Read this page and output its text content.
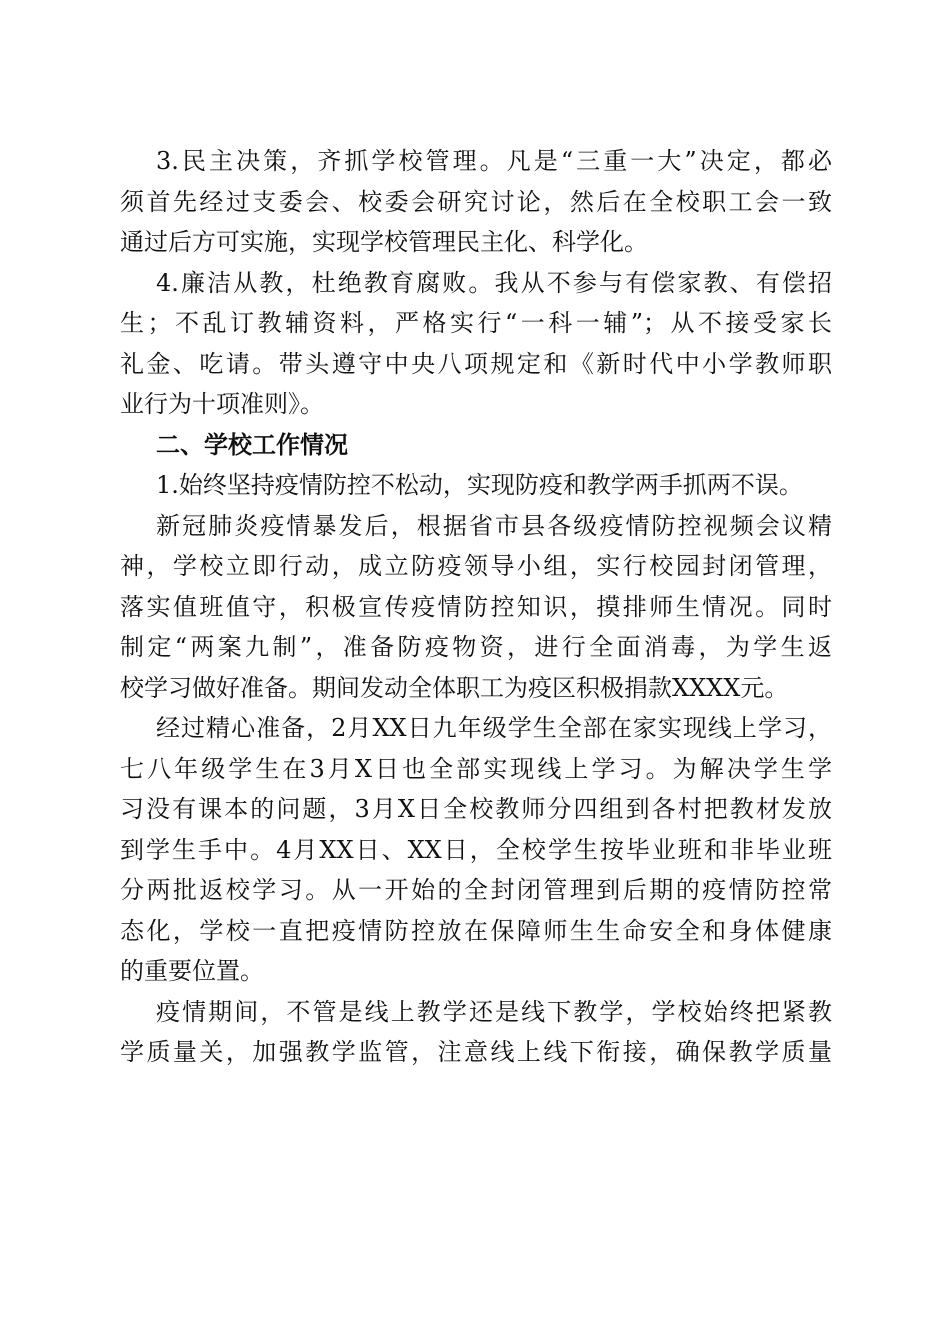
3.民主决策，齐抓学校管理。凡是“三重一大”决定，都必
须首先经过支委会、校委会研究讨论，然后在全校职工会一致
通过后方可实施，实现学校管理民主化、科学化。
4.廉洁从教，杜绝教育腐败。我从不参与有偿家教、有偿招
生；不乱订教辅资料，严格实行“一科一辅”；从不接受家长
礼金、吃请。带头遵守中央八项规定和《新时代中小学教师职
业行为十项准则》。
二、学校工作情况
1.始终坚持疫情防控不松动，实现防疫和教学两手抓两不误。
新冠肺炎疫情暴发后，根据省市县各级疫情防控视频会议精
神，学校立即行动，成立防疫领导小组，实行校园封闭管理，
落实值班值守，积极宣传疫情防控知识，摸排师生情况。同时
制定“两案九制”，准备防疫物资，进行全面消毒，为学生返
校学习做好准备。期间发动全体职工为疫区积极捐款XXXX元。
经过精心准备，2月XX日九年级学生全部在家实现线上学习，
七八年级学生在3月X日也全部实现线上学习。为解决学生学
习没有课本的问题，3月X日全校教师分四组到各村把教材发放
到学生手中。4月XX日、XX日，全校学生按毕业班和非毕业班
分两批返校学习。从一开始的全封闭管理到后期的疫情防控常
态化，学校一直把疫情防控放在保障师生生命安全和身体健康
的重要位置。
疫情期间，不管是线上教学还是线下教学，学校始终把紧教
学质量关，加强教学监管，注意线上线下衔接，确保教学质量
